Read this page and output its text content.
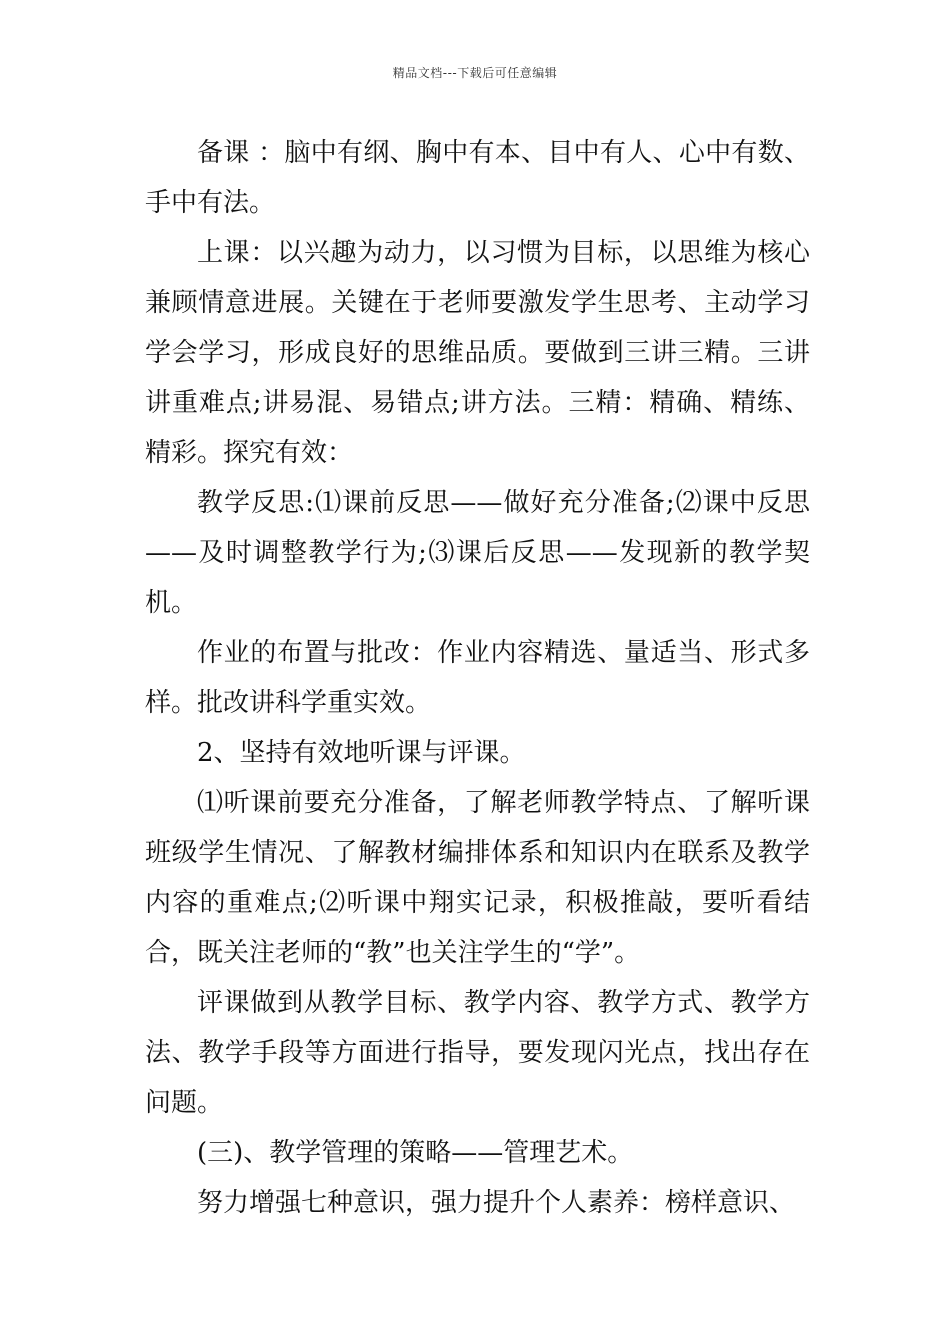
精品文档---下载后可任意编辑

备课 ：脑中有纲、胸中有本、目中有人、心中有数、手中有法。

上课：以兴趣为动力，以习惯为目标，以思维为核心兼顾情意进展。关键在于老师要激发学生思考、主动学习学会学习，形成良好的思维品质。要做到三讲三精。三讲讲重难点;讲易混、易错点;讲方法。三精：精确、精练、精彩。探究有效：

教学反思:⑴课前反思——做好充分准备;⑵课中反思——及时调整教学行为;⑶课后反思——发现新的教学契机。

作业的布置与批改：作业内容精选、量适当、形式多样。批改讲科学重实效。

2、坚持有效地听课与评课。

⑴听课前要充分准备，了解老师教学特点、了解听课班级学生情况、了解教材编排体系和知识内在联系及教学内容的重难点;⑵听课中翔实记录，积极推敲，要听看结合，既关注老师的“教”也关注学生的“学”。

评课做到从教学目标、教学内容、教学方式、教学方法、教学手段等方面进行指导，要发现闪光点，找出存在问题。

(三)、教学管理的策略——管理艺术。

努力增强七种意识，强力提升个人素养：榜样意识、
